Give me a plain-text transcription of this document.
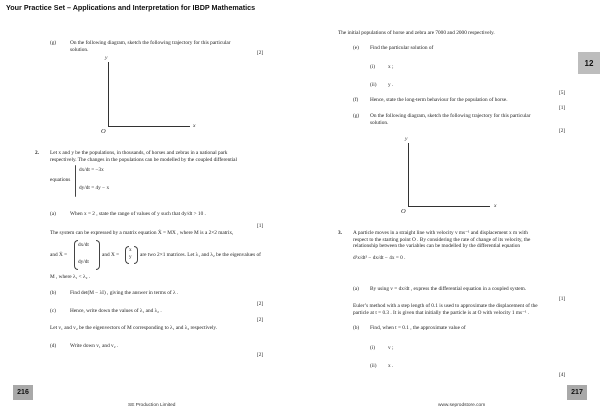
Your Practice Set – Applications and Interpretation for IBDP Mathematics
(g)	On the following diagram, sketch the following trajectory for this particular
solution.
[2]
y
x
O
2. Let x and y be the populations, in thousands, of horses and zebras in a national park
respectively. The changes in the populations can be modelled by the coupled differential
equations
dx/dt = −3x
dy/dt = 4y − x
(a)	When x = 2 , state the range of values of y such that dy/dt > 10 .
[1]
The system can be expressed by a matrix equation Ẋ = MX , where M is a 2×2 matrix,
and Ẋ =
dx/dt
dy/dt
and X =
x
y are two 2×1 matrices. Let λ₁ and λ₂ be the eigenvalues of
M , where λ₁ < λ₂ .
(b)	Find det(M − λI) , giving the answer in terms of λ .
[2]
(c)	Hence, write down the values of λ₁ and λ₂ .
[2]
Let v₁ and v₂ be the eigenvectors of M corresponding to λ₁ and λ₂ respectively.
(d)	Write down v₁ and v₂ .
[2]
216
SE Production Limited
The initial populations of horse and zebra are 7000 and 2000 respectively.
(e) Find the particular solution of
(i) x ;
(ii) y .
[5]
(f) Hence, state the long-term behaviour for the population of horse.
[1]
(g) On the following diagram, sketch the following trajectory for this particular
solution.
[2]
y
x
O
3. A particle moves in a straight line with velocity v ms⁻¹ and displacement x m with
respect to the starting point O . By considering the rate of change of its velocity, the
relationship between the variables can be modelled by the differential equation
d²x/dt² − dx/dt − 4x = 0 .
(a) By using v = dx/dt , express the differential equation in a coupled system.
[1]
Euler’s method with a step length of 0.1 is used to approximate the displacement of the
particle at t = 0.3 . It is given that initially the particle is at O with velocity 1 ms⁻¹ .
(b) Find, when t = 0.1 , the approximate value of
(i) v ;
(ii) x .
[4]
217
www.seprodstore.com
12
